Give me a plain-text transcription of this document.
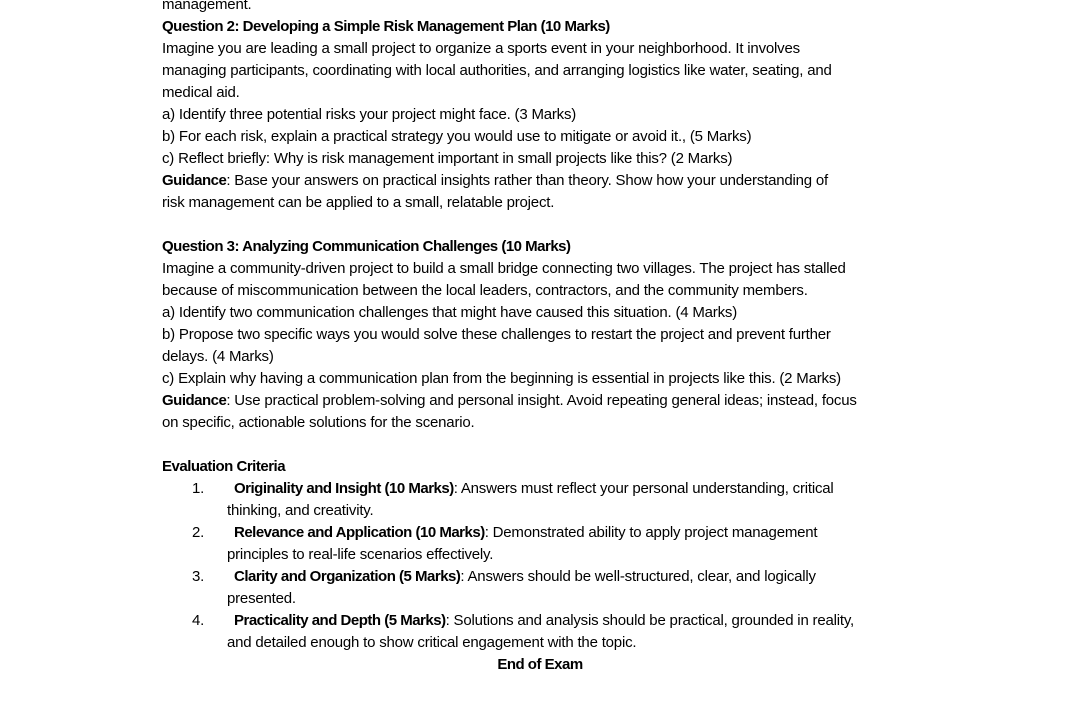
management.
Question 2: Developing a Simple Risk Management Plan (10 Marks)
Imagine you are leading a small project to organize a sports event in your neighborhood. It involves
managing participants, coordinating with local authorities, and arranging logistics like water, seating, and
medical aid.
a) Identify three potential risks your project might face. (3 Marks)
b) For each risk, explain a practical strategy you would use to mitigate or avoid it., (5 Marks)
c) Reflect briefly: Why is risk management important in small projects like this? (2 Marks)
Guidance: Base your answers on practical insights rather than theory. Show how your understanding of
risk management can be applied to a small, relatable project.
Question 3: Analyzing Communication Challenges (10 Marks)
Imagine a community-driven project to build a small bridge connecting two villages. The project has stalled
because of miscommunication between the local leaders, contractors, and the community members.
a) Identify two communication challenges that might have caused this situation. (4 Marks)
b) Propose two specific ways you would solve these challenges to restart the project and prevent further
delays. (4 Marks)
c) Explain why having a communication plan from the beginning is essential in projects like this. (2 Marks)
Guidance: Use practical problem-solving and personal insight. Avoid repeating general ideas; instead, focus
on specific, actionable solutions for the scenario.
Evaluation Criteria
1. Originality and Insight (10 Marks): Answers must reflect your personal understanding, critical
thinking, and creativity.
2. Relevance and Application (10 Marks): Demonstrated ability to apply project management
principles to real-life scenarios effectively.
3. Clarity and Organization (5 Marks): Answers should be well-structured, clear, and logically
presented.
4. Practicality and Depth (5 Marks): Solutions and analysis should be practical, grounded in reality,
and detailed enough to show critical engagement with the topic.
End of Exam
